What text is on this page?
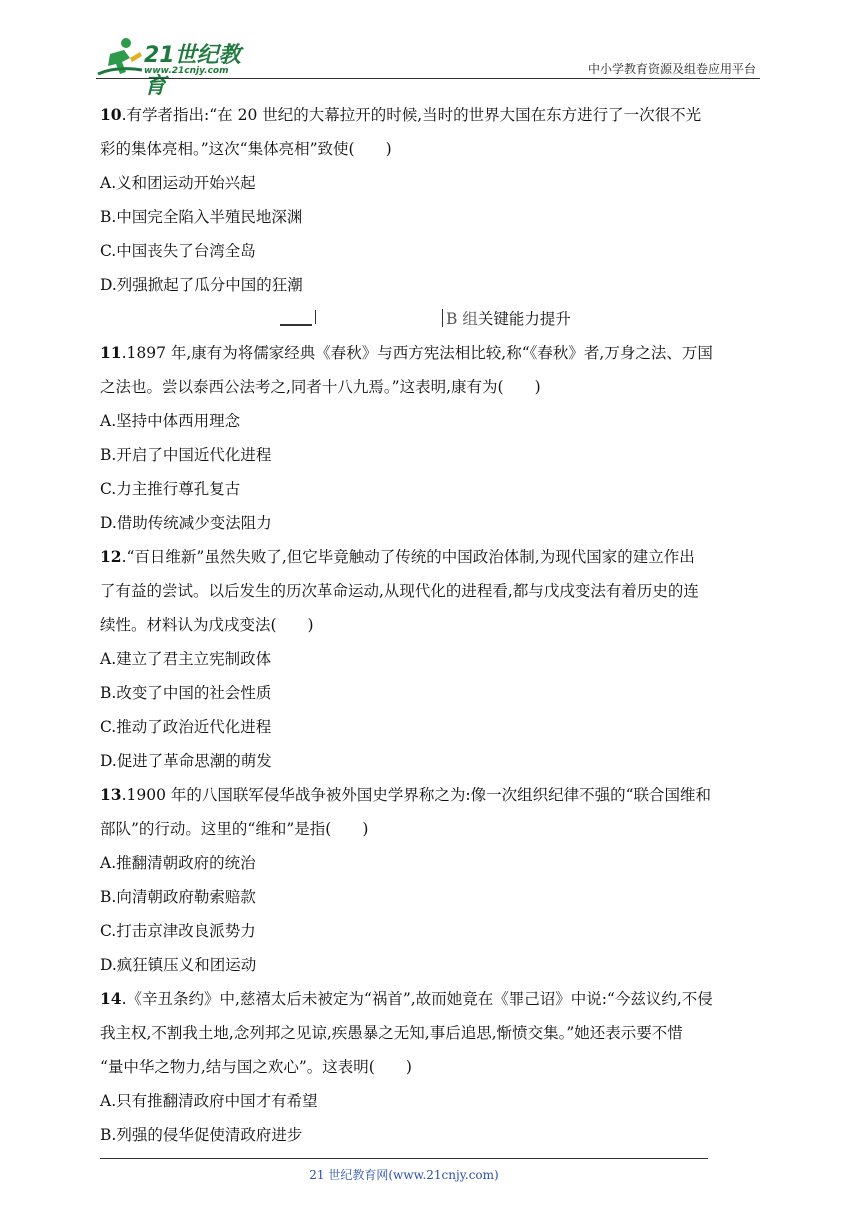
21世纪教育
www.21cnjy.com	中小学教育资源及组卷应用平台
10.有学者指出:“在 20 世纪的大幕拉开的时候,当时的世界大国在东方进行了一次很不光
彩的集体亮相。”这次“集体亮相”致使(　　)
A.义和团运动开始兴起
B.中国完全陷入半殖民地深渊
C.中国丧失了台湾全岛
D.列强掀起了瓜分中国的狂潮
B 组关键能力提升
11.1897 年,康有为将儒家经典《春秋》与西方宪法相比较,称“《春秋》者,万身之法、万国
之法也。尝以泰西公法考之,同者十八九焉。”这表明,康有为(　　)
A.坚持中体西用理念
B.开启了中国近代化进程
C.力主推行尊孔复古
D.借助传统减少变法阻力
12.“百日维新”虽然失败了,但它毕竟触动了传统的中国政治体制,为现代国家的建立作出
了有益的尝试。以后发生的历次革命运动,从现代化的进程看,都与戊戌变法有着历史的连
续性。材料认为戊戌变法(　　)
A.建立了君主立宪制政体
B.改变了中国的社会性质
C.推动了政治近代化进程
D.促进了革命思潮的萌发
13.1900 年的八国联军侵华战争被外国史学界称之为:像一次组织纪律不强的“联合国维和
部队”的行动。这里的“维和”是指(　　)
A.推翻清朝政府的统治
B.向清朝政府勒索赔款
C.打击京津改良派势力
D.疯狂镇压义和团运动
14.《辛丑条约》中,慈禧太后未被定为“祸首”,故而她竟在《罪己诏》中说:“今兹议约,不侵
我主权,不割我土地,念列邦之见谅,疾愚暴之无知,事后追思,惭愤交集。”她还表示要不惜
“量中华之物力,结与国之欢心”。这表明(　　)
A.只有推翻清政府中国才有希望
B.列强的侵华促使清政府进步
21 世纪教育网(www.21cnjy.com)
